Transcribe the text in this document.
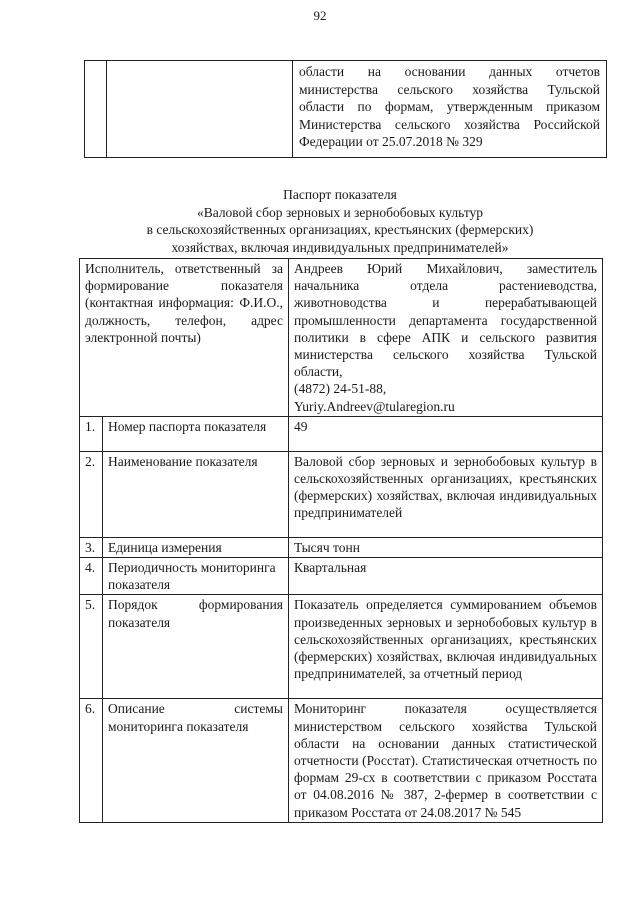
92
		области на основании данных отчетов министерства сельского хозяйства Тульской области по формам, утвержденным приказом Министерства сельского хозяйства Российской Федерации от 25.07.2018 № 329
Паспорт показателя
«Валовой сбор зерновых и зернобобовых культур
в сельскохозяйственных организациях, крестьянских (фермерских)
хозяйствах, включая индивидуальных предпринимателей»
Исполнитель, ответственный за формирование показателя (контактная информация: Ф.И.О., должность, телефон, адрес электронной почты)		Андреев Юрий Михайлович, заместитель начальника отдела растениеводства, животноводства и перерабатывающей промышленности департамента государственной политики в сфере АПК и сельского развития министерства сельского хозяйства Тульской области,
(4872) 24-51-88,
Yuriy.Andreev@tularegion.ru

1.	Номер паспорта показателя	49
2.	Наименование показателя	Валовой сбор зерновых и зернобобовых культур в сельскохозяйственных организациях, крестьянских (фермерских) хозяйствах, включая индивидуальных предпринимателей
3.	Единица измерения	Тысяч тонн
4.	Периодичность мониторинга показателя	Квартальная
5.	Порядок формирования показателя	Показатель определяется суммированием объемов произведенных зерновых и зернобобовых культур в сельскохозяйственных организациях, крестьянских (фермерских) хозяйствах, включая индивидуальных предпринимателей, за отчетный период
6.	Описание системы мониторинга показателя	Мониторинг показателя осуществляется министерством сельского хозяйства Тульской области на основании данных статистической отчетности (Росстат). Статистическая отчетность по формам 29-сх в соответствии с приказом Росстата от 04.08.2016 № 387, 2-фермер в соответствии с приказом Росстата от 24.08.2017 № 545
